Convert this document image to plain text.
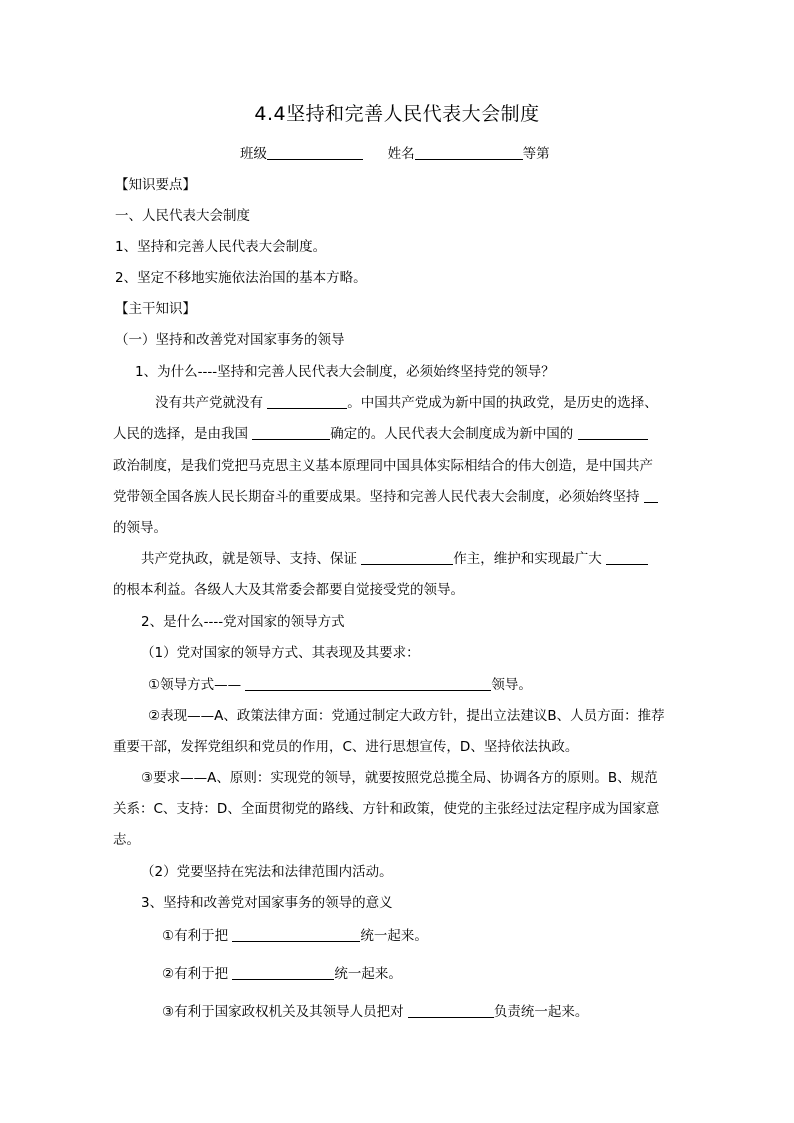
4.4坚持和完善人民代表大会制度
班级	姓名	等第
【知识要点】
一、人民代表大会制度
1、坚持和完善人民代表大会制度。
2、坚定不移地实施依法治国的基本方略。
【主干知识】
（一）坚持和改善党对国家事务的领导
1、为什么----坚持和完善人民代表大会制度，必须始终坚持党的领导？
没有共产党就没有	。中国共产党成为新中国的执政党，是历史的选择、
人民的选择，是由我国	确定的。人民代表大会制度成为新中国的
政治制度，是我们党把马克思主义基本原理同中国具体实际相结合的伟大创造，是中国共产
党带领全国各族人民长期奋斗的重要成果。坚持和完善人民代表大会制度，必须始终坚持
的领导。
共产党执政，就是领导、支持、保证	作主，维护和实现最广大
的根本利益。各级人大及其常委会都要自觉接受党的领导。
2、是什么----党对国家的领导方式
（1）党对国家的领导方式、其表现及其要求：
①领导方式——	领导。
②表现——A、政策法律方面：党通过制定大政方针，提出立法建议B、人员方面：推荐
重要干部，发挥党组织和党员的作用，C、进行思想宣传，D、坚持依法执政。
③要求——A、原则：实现党的领导，就要按照党总揽全局、协调各方的原则。B、规范
关系：C、支持：D、全面贯彻党的路线、方针和政策，使党的主张经过法定程序成为国家意
志。
（2）党要坚持在宪法和法律范围内活动。
3、坚持和改善党对国家事务的领导的意义
①有利于把	统一起来。
②有利于把	统一起来。
③有利于国家政权机关及其领导人员把对	负责统一起来。
